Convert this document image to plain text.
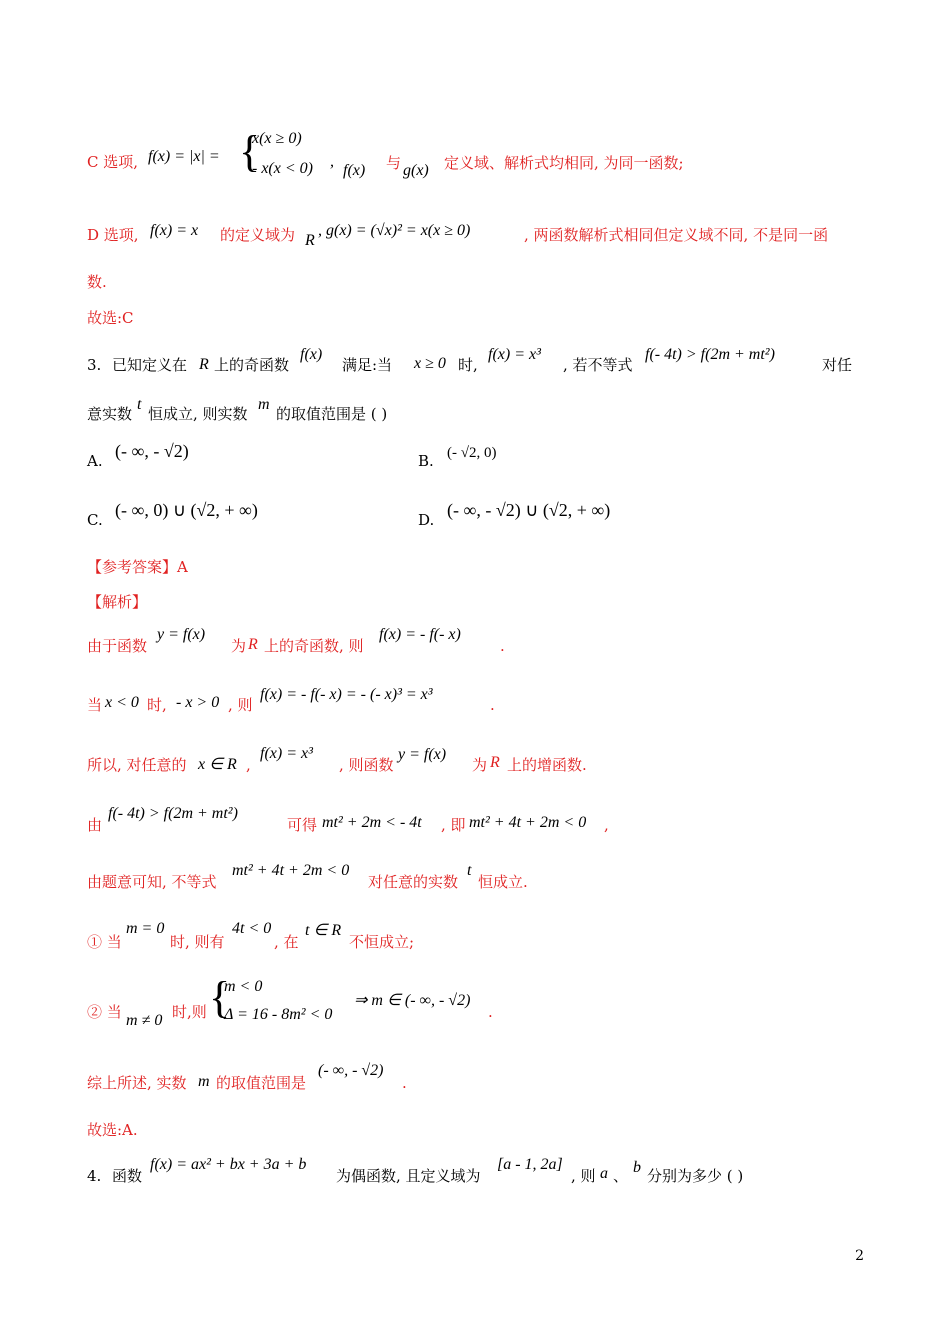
C 选项, f(x) = |x| = {
x(x ≥ 0)
- x(x < 0) ,
f(x) 与 g(x) 定义域、解析式均相同, 为同一函数;
D 选项, f(x) = x 的定义域为 R
, g(x) = (√x)² = x(x ≥ 0)	, 两函数解析式相同但定义域不同, 不是同一函
数.
故选:C
3. 已知定义在 R 上的奇函数
f(x)
满足:当 x ≥ 0 时,
f(x) = x³
, 若不等式
f(- 4t) > f(2m + mt²)
对任
意实数
t
恒成立, 则实数
m
的取值范围是 ( )
A. (- ∞, - √2)	B. (- √2, 0)
C. (- ∞, 0) ∪ (√2, + ∞)	D. (- ∞, - √2) ∪ (√2, + ∞)
【参考答案】A
【解析】
由于函数
y = f(x)
为 R 上的奇函数, 则
f(x) = - f(- x)
.
当 x < 0 时, - x > 0 , 则
f(x) = - f(- x) = - (- x)³ = x³
.
所以, 对任意的 x ∈ R ,
f(x) = x³
, 则函数
y = f(x)
为 R 上的增函数.
由
f(- 4t) > f(2m + mt²)
可得 mt² + 2m < - 4t , 即 mt² + 4t + 2m < 0 ,
由题意可知, 不等式
mt² + 4t + 2m < 0
对任意的实数
t
恒成立.
① 当
m = 0
时, 则有
4t < 0
, 在
t ∈ R
不恒成立;
② 当 m ≠ 0 时,则 {
m < 0
Δ = 16 - 8m² < 0
⇒ m ∈ (- ∞, - √2)
.
综上所述, 实数 m 的取值范围是
(- ∞, - √2)
.
故选:A.
4. 函数
f(x) = ax² + bx + 3a + b
为偶函数, 且定义域为
[a - 1, 2a]
, 则 a 、 b 分别为多少 ( )
2
